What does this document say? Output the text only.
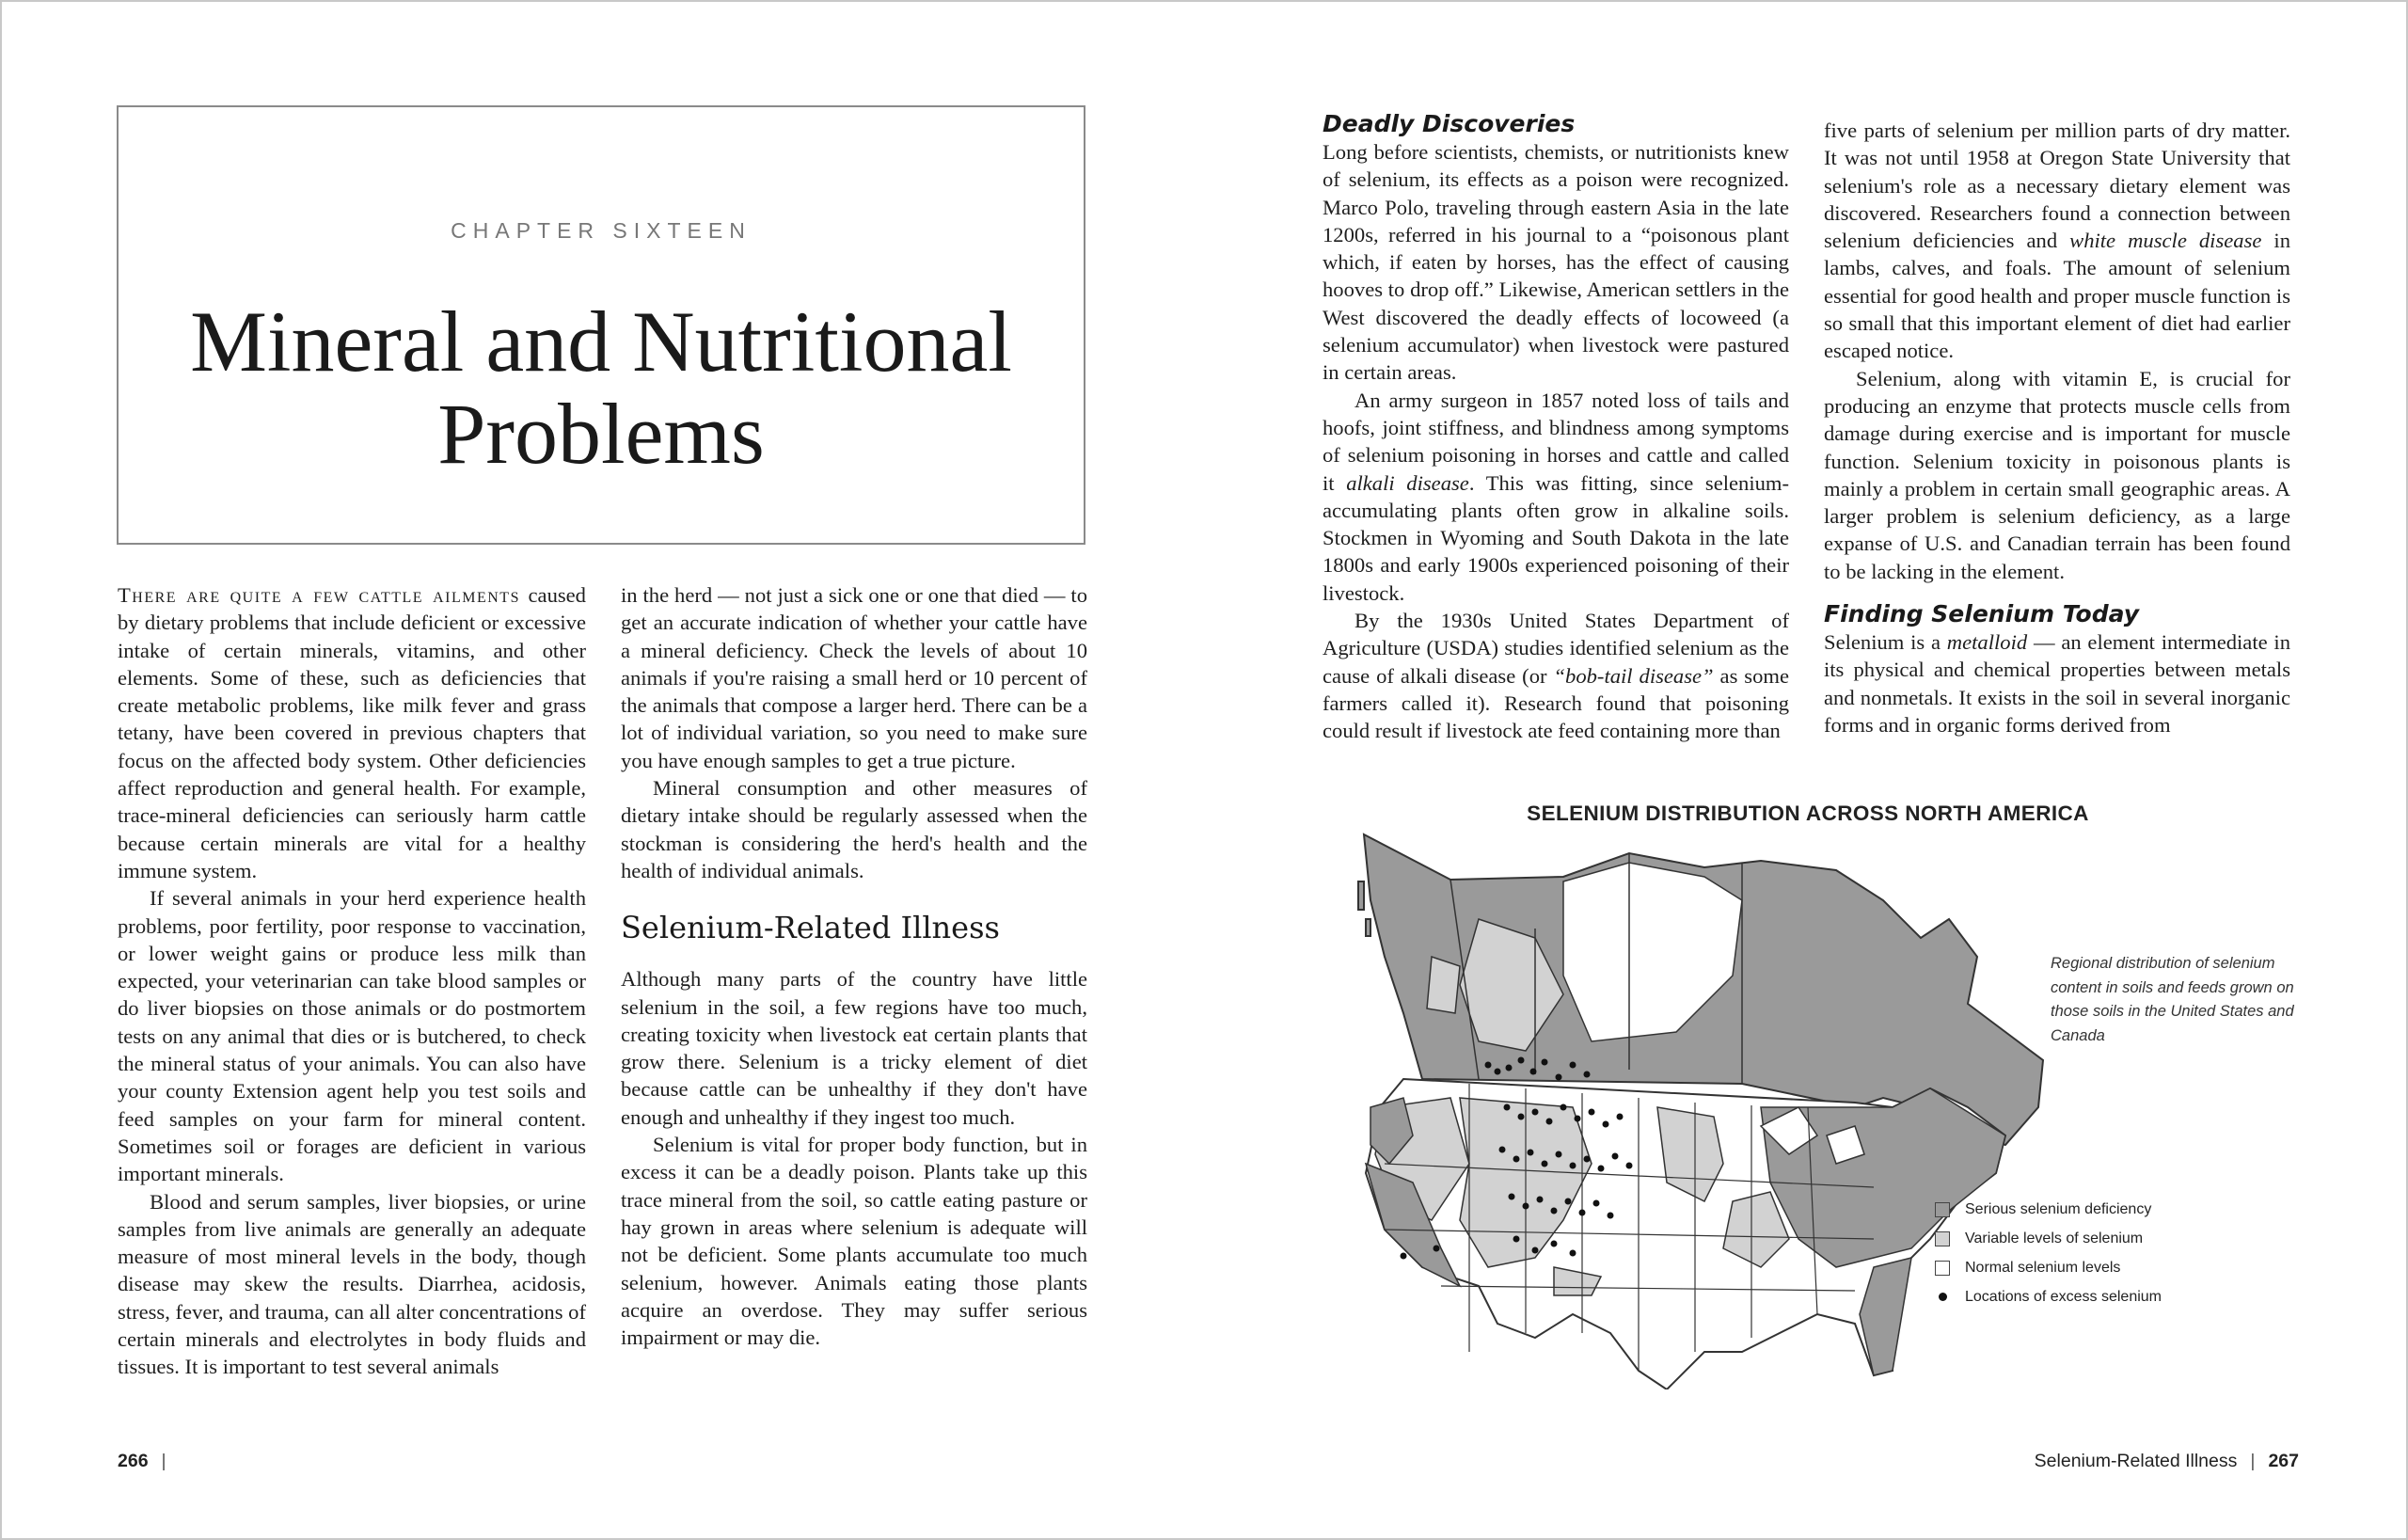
CHAPTER SIXTEEN
Mineral and Nutritional
Problems

There are quite a few cattle ailments caused by dietary problems that include deficient or excessive intake of certain minerals, vitamins, and other elements. Some of these, such as deficiencies that create metabolic problems, like milk fever and grass tetany, have been covered in previous chapters that focus on the affected body system. Other deficiencies affect reproduction and general health. For example, trace-mineral deficiencies can seriously harm cattle because certain minerals are vital for a healthy immune system.

If several animals in your herd experience health problems, poor fertility, poor response to vaccination, or lower weight gains or produce less milk than expected, your veterinarian can take blood samples or do liver biopsies on those animals or do postmortem tests on any animal that dies or is butchered, to check the mineral status of your animals. You can also have your county Extension agent help you test soils and feed samples on your farm for mineral content. Sometimes soil or forages are deficient in various important minerals.

Blood and serum samples, liver biopsies, or urine samples from live animals are generally an adequate measure of most mineral levels in the body, though disease may skew the results. Diarrhea, acidosis, stress, fever, and trauma, can all alter concentrations of certain minerals and electrolytes in body fluids and tissues. It is important to test several animals

in the herd — not just a sick one or one that died — to get an accurate indication of whether your cattle have a mineral deficiency. Check the levels of about 10 animals if you're raising a small herd or 10 percent of the animals that compose a larger herd. There can be a lot of individual variation, so you need to make sure you have enough samples to get a true picture.

Mineral consumption and other measures of dietary intake should be regularly assessed when the stockman is considering the herd's health and the health of individual animals.

Selenium-Related Illness

Although many parts of the country have little selenium in the soil, a few regions have too much, creating toxicity when livestock eat certain plants that grow there. Selenium is a tricky element of diet because cattle can be unhealthy if they don't have enough and unhealthy if they ingest too much.

Selenium is vital for proper body function, but in excess it can be a deadly poison. Plants take up this trace mineral from the soil, so cattle eating pasture or hay grown in areas where selenium is adequate will not be deficient. Some plants accumulate too much selenium, however. Animals eating those plants acquire an overdose. They may suffer serious impairment or may die.

266 |
Deadly Discoveries

Long before scientists, chemists, or nutritionists knew of selenium, its effects as a poison were recognized. Marco Polo, traveling through eastern Asia in the late 1200s, referred in his journal to a “poisonous plant which, if eaten by horses, has the effect of causing hooves to drop off.” Likewise, American settlers in the West discovered the deadly effects of locoweed (a selenium accumulator) when livestock were pastured in certain areas.

An army surgeon in 1857 noted loss of tails and hoofs, joint stiffness, and blindness among symptoms of selenium poisoning in horses and cattle and called it alkali disease. This was fitting, since selenium-accumulating plants often grow in alkaline soils. Stockmen in Wyoming and South Dakota in the late 1800s and early 1900s experienced poisoning of their livestock.

By the 1930s United States Department of Agriculture (USDA) studies identified selenium as the cause of alkali disease (or “bob-tail disease” as some farmers called it). Research found that poisoning could result if livestock ate feed containing more than

five parts of selenium per million parts of dry matter. It was not until 1958 at Oregon State University that selenium's role as a necessary dietary element was discovered. Researchers found a connection between selenium deficiencies and white muscle disease in lambs, calves, and foals. The amount of selenium essential for good health and proper muscle function is so small that this important element of diet had earlier escaped notice.

Selenium, along with vitamin E, is crucial for producing an enzyme that protects muscle cells from damage during exercise and is important for muscle function. Selenium toxicity in poisonous plants is mainly a problem in certain small geographic areas. A larger problem is selenium deficiency, as a large expanse of U.S. and Canadian terrain has been found to be lacking in the element.

Finding Selenium Today

Selenium is a metalloid — an element intermediate in its physical and chemical properties between metals and nonmetals. It exists in the soil in several inorganic forms and in organic forms derived from

SELENIUM DISTRIBUTION ACROSS NORTH AMERICA
Regional distribution of selenium content in soils and feeds grown on those soils in the United States and Canada
Serious selenium deficiency
Variable levels of selenium
Normal selenium levels
Locations of excess selenium
Selenium-Related Illness | 267
